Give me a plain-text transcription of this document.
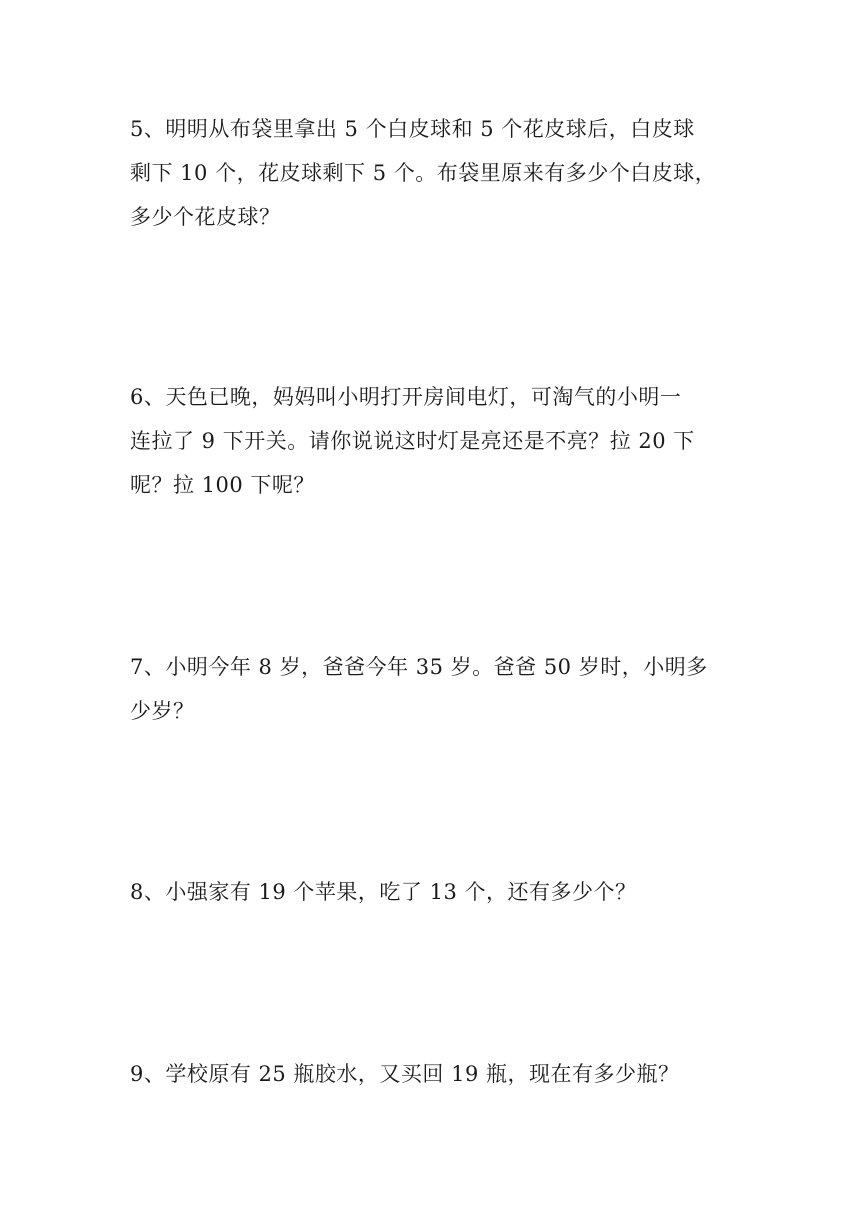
5、明明从布袋里拿出 5 个白皮球和 5 个花皮球后，白皮球
剩下 10 个，花皮球剩下 5 个。布袋里原来有多少个白皮球，
多少个花皮球？
6、天色已晚，妈妈叫小明打开房间电灯，可淘气的小明一
连拉了 9 下开关。请你说说这时灯是亮还是不亮？拉 20 下
呢？拉 100 下呢？
7、小明今年 8 岁，爸爸今年 35 岁。爸爸 50 岁时，小明多
少岁？
8、小强家有 19 个苹果，吃了 13 个，还有多少个？
9、学校原有 25 瓶胶水，又买回 19 瓶，现在有多少瓶？
